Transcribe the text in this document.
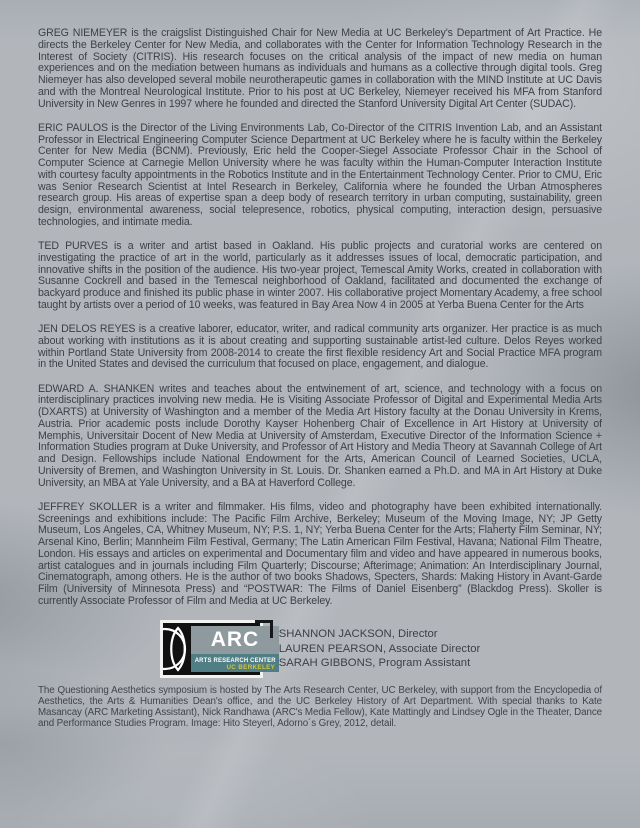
GREG NIEMEYER is the craigslist Distinguished Chair for New Media at UC Berkeley's Department of Art Practice. He directs the Berkeley Center for New Media, and collaborates with the Center for Information Technology Research in the Interest of Society (CITRIS). His research focuses on the critical analysis of the impact of new media on human experiences and on the mediation between humans as individuals and humans as a collective through digital tools. Greg Niemeyer has also developed several mobile neurotherapeutic games in collaboration with the MIND Institute at UC Davis and with the Montreal Neurological Institute. Prior to his post at UC Berkeley, Niemeyer received his MFA from Stanford University in New Genres in 1997 where he founded and directed the Stanford University Digital Art Center (SUDAC).

ERIC PAULOS is the Director of the Living Environments Lab, Co-Director of the CITRIS Invention Lab, and an Assistant Professor in Electrical Engineering Computer Science Department at UC Berkeley where he is faculty within the Berkeley Center for New Media (BCNM). Previously, Eric held the Cooper-Siegel Associate Professor Chair in the School of Computer Science at Carnegie Mellon University where he was faculty within the Human-Computer Interaction Institute with courtesy faculty appointments in the Robotics Institute and in the Entertainment Technology Center. Prior to CMU, Eric was Senior Research Scientist at Intel Research in Berkeley, California where he founded the Urban Atmospheres research group. His areas of expertise span a deep body of research territory in urban computing, sustainability, green design, environmental awareness, social telepresence, robotics, physical computing, interaction design, persuasive technologies, and intimate media.

TED PURVES is a writer and artist based in Oakland. His public projects and curatorial works are centered on investigating the practice of art in the world, particularly as it addresses issues of local, democratic participation, and innovative shifts in the position of the audience. His two-year project, Temescal Amity Works, created in collaboration with Susanne Cockrell and based in the Temescal neighborhood of Oakland, facilitated and documented the exchange of backyard produce and finished its public phase in winter 2007. His collaborative project Momentary Academy, a free school taught by artists over a period of 10 weeks, was featured in Bay Area Now 4 in 2005 at Yerba Buena Center for the Arts

JEN DELOS REYES is a creative laborer, educator, writer, and radical community arts organizer. Her practice is as much about working with institutions as it is about creating and supporting sustainable artist-led culture. Delos Reyes worked within Portland State University from 2008-2014 to create the first flexible residency Art and Social Practice MFA program in the United States and devised the curriculum that focused on place, engagement, and dialogue.

EDWARD A. SHANKEN writes and teaches about the entwinement of art, science, and technology with a focus on interdisciplinary practices involving new media. He is Visiting Associate Professor of Digital and Experimental Media Arts (DXARTS) at University of Washington and a member of the Media Art History faculty at the Donau University in Krems, Austria. Prior academic posts include Dorothy Kayser Hohenberg Chair of Excellence in Art History at University of Memphis, Universitair Docent of New Media at University of Amsterdam, Executive Director of the Information Science + Information Studies program at Duke University, and Professor of Art History and Media Theory at Savannah College of Art and Design. Fellowships include National Endowment for the Arts, American Council of Learned Societies, UCLA, University of Bremen, and Washington University in St. Louis. Dr. Shanken earned a Ph.D. and MA in Art History at Duke University, an MBA at Yale University, and a BA at Haverford College.

JEFFREY SKOLLER is a writer and filmmaker. His films, video and photography have been exhibited internationally. Screenings and exhibitions include: The Pacific Film Archive, Berkeley; Museum of the Moving Image, NY; JP Getty Museum, Los Angeles, CA, Whitney Museum, NY; P.S. 1, NY; Yerba Buena Center for the Arts; Flaherty Film Seminar, NY; Arsenal Kino, Berlin; Mannheim Film Festival, Germany; The Latin American Film Festival, Havana; National Film Theatre, London. His essays and articles on experimental and Documentary film and video and have appeared in numerous books, artist catalogues and in journals including Film Quarterly; Discourse; Afterimage; Animation: An Interdisciplinary Journal, Cinematograph, among others. He is the author of two books Shadows, Specters, Shards: Making History in Avant-Garde Film (University of Minnesota Press) and “POSTWAR: The Films of Daniel Eisenberg” (Blackdog Press). Skoller is currently Associate Professor of Film and Media at UC Berkeley.

ARC
ARTS RESEARCH CENTER
UC BERKELEY
SHANNON JACKSON, Director
LAUREN PEARSON, Associate Director
SARAH GIBBONS, Program Assistant

The Questioning Aesthetics symposium is hosted by The Arts Research Center, UC Berkeley, with support from the Encyclopedia of Aesthetics, the Arts & Humanities Dean's office, and the UC Berkeley History of Art Department. With special thanks to Kate Masancay (ARC Marketing Assistant), Nick Randhawa (ARC's Media Fellow), Kate Mattingly and Lindsey Ogle in the Theater, Dance and Performance Studies Program. Image: Hito Steyerl, Adorno´s Grey, 2012, detail.
